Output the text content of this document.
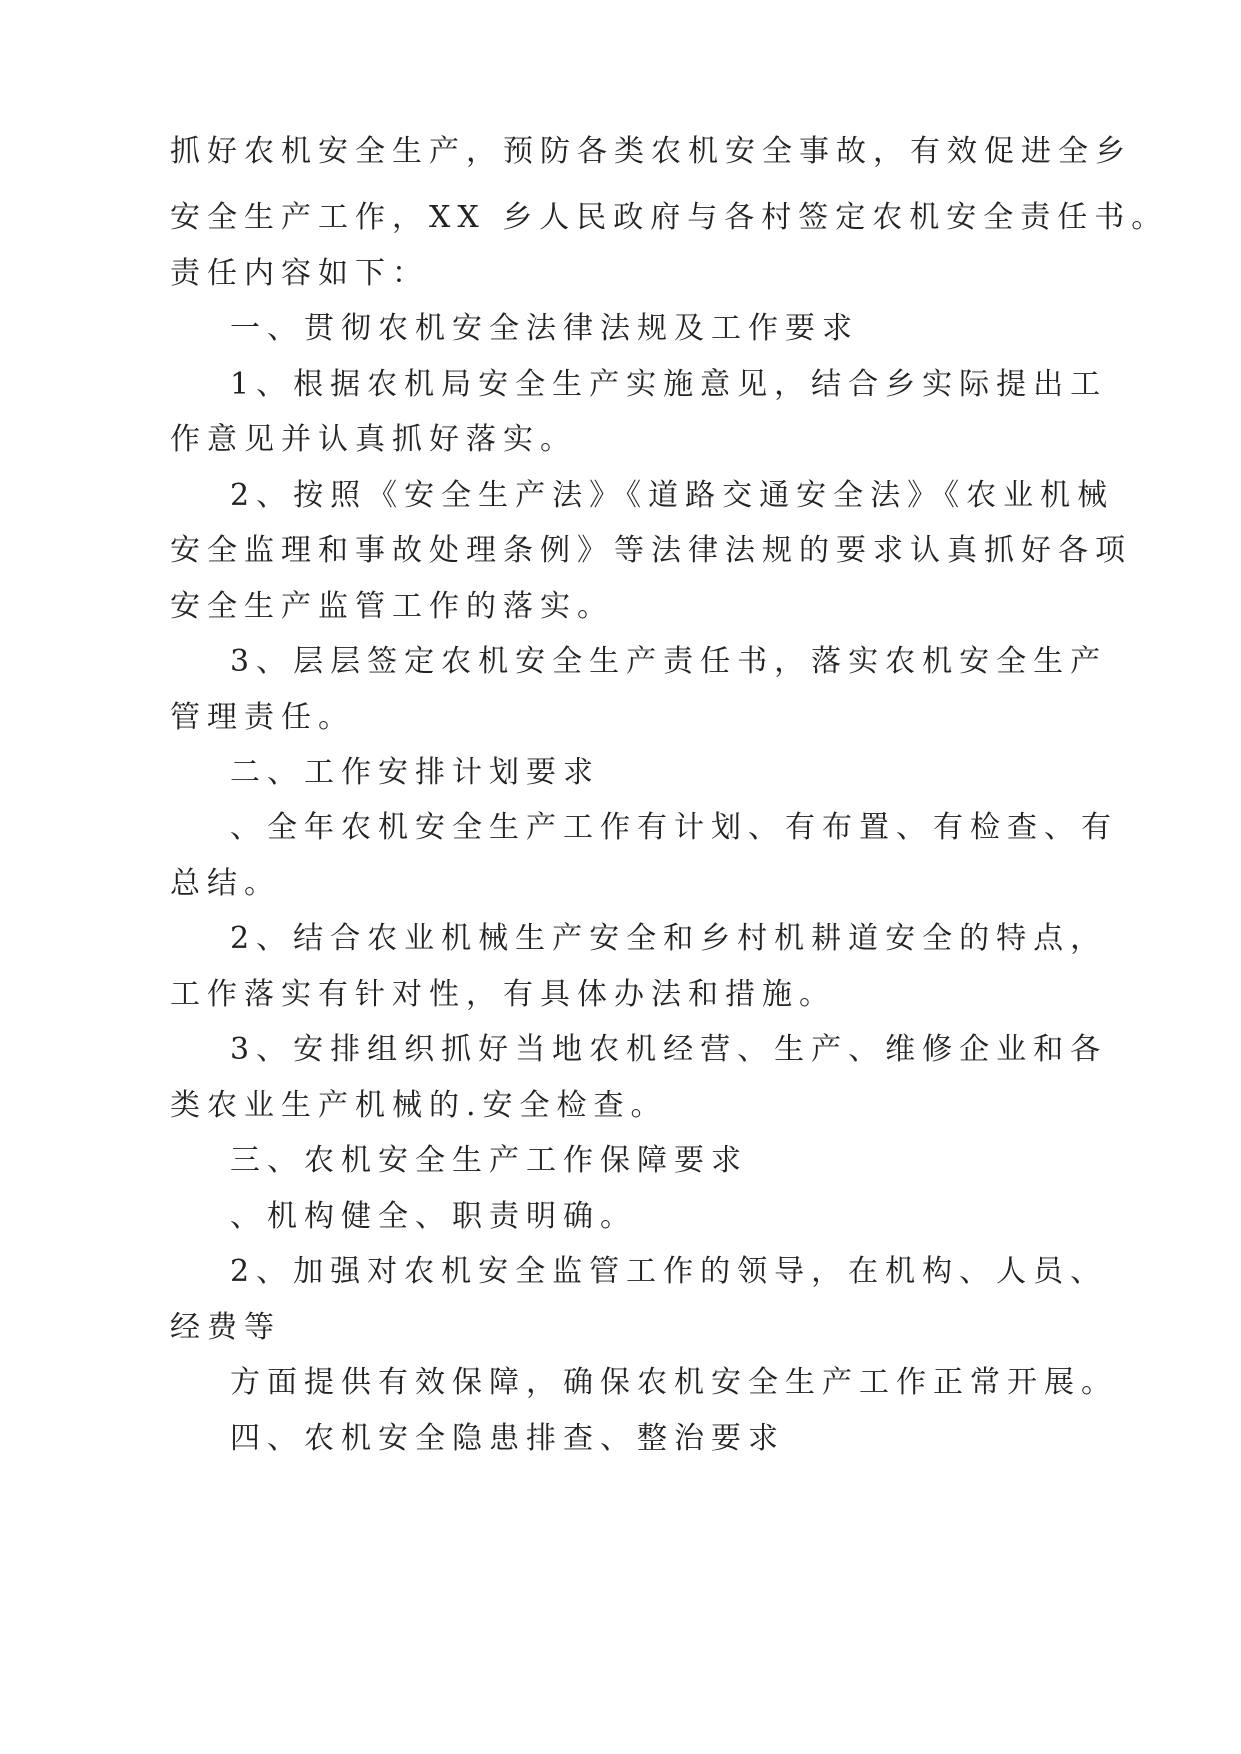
抓好农机安全生产，预防各类农机安全事故，有效促进全乡
安全生产工作，XX 乡人民政府与各村签定农机安全责任书。
责任内容如下：
一、贯彻农机安全法律法规及工作要求
1、根据农机局安全生产实施意见，结合乡实际提出工
作意见并认真抓好落实。
2、按照《安全生产法》《道路交通安全法》《农业机械
安全监理和事故处理条例》等法律法规的要求认真抓好各项
安全生产监管工作的落实。
3、层层签定农机安全生产责任书，落实农机安全生产
管理责任。
二、工作安排计划要求
、全年农机安全生产工作有计划、有布置、有检查、有
总结。
2、结合农业机械生产安全和乡村机耕道安全的特点，
工作落实有针对性，有具体办法和措施。
3、安排组织抓好当地农机经营、生产、维修企业和各
类农业生产机械的.安全检查。
三、农机安全生产工作保障要求
、机构健全、职责明确。
2、加强对农机安全监管工作的领导，在机构、人员、
经费等
方面提供有效保障，确保农机安全生产工作正常开展。
四、农机安全隐患排查、整治要求
